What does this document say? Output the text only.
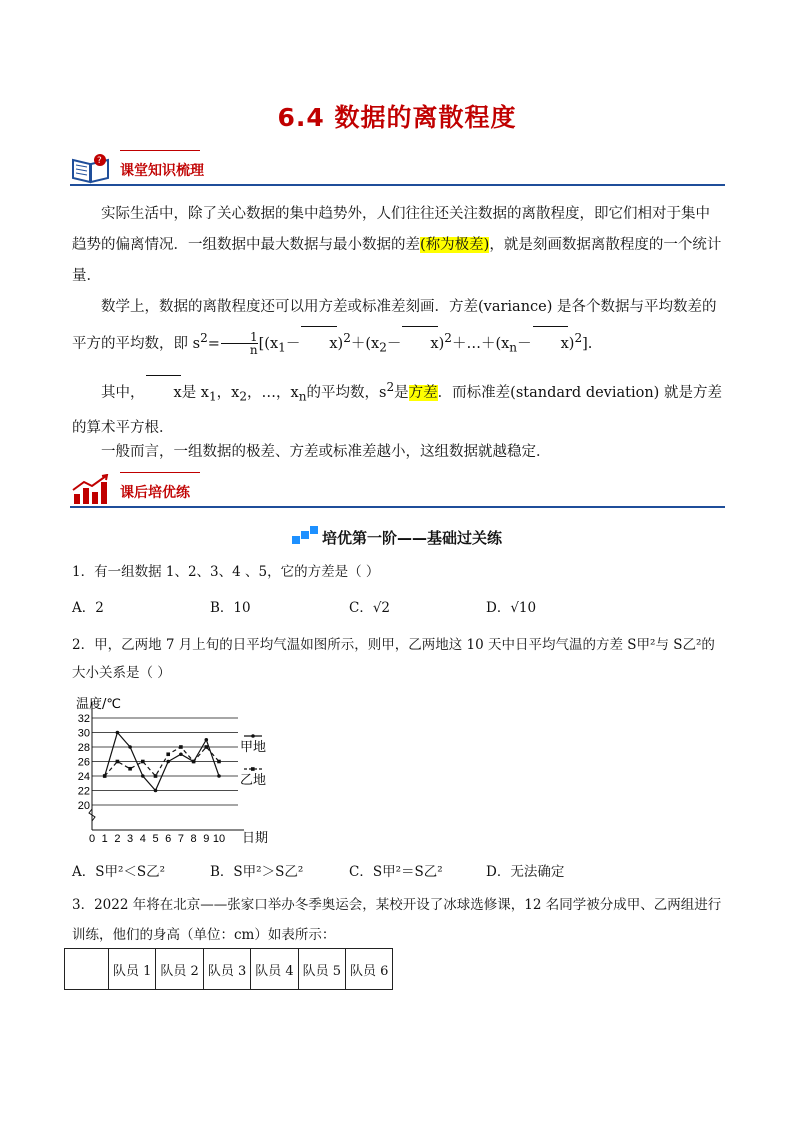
6.4 数据的离散程度
?
课堂知识梳理
实际生活中，除了关心数据的集中趋势外，人们往往还关注数据的离散程度，即它们相对于集中趋势的偏离情况．一组数据中最大数据与最小数据的差(称为极差)，就是刻画数据离散程度的一个统计量．
数学上，数据的离散程度还可以用方差或标准差刻画．方差(variance) 是各个数据与平均数差的平方的平均数，即 $s^2= \frac{1}{n} [(x_1- x)^2+(x_2-$ $x)^2+\dots+(x_n- x)^2$].
其中， x是 $x_1$，$x_2$，…，$x_n$的平均数，$s^2$是方差．而标准差(standard deviation) 就是方差的算术平方根．
一般而言，一组数据的极差、方差或标准差越小，这组数据就越稳定．
课后培优练
培优第一阶——基础过关练
1．有一组数据 1、2、3、4 、5，它的方差是（ ）
A．2	B．10	C．√2	D．√10
2．甲，乙两地 7 月上旬的日平均气温如图所示，则甲，乙两地这 10 天中日平均气温的方差 S甲²与 S乙²的大小关系是（ ）
20
22
24
26
28
30
32
0 1 2 3 4 5 6 7 8 9 10
温度/℃
日期
甲地
乙地
A．S甲²＜S乙²	B．S甲²＞S乙²	C．S甲²＝S乙²	D．无法确定
3．2022 年将在北京——张家口举办冬季奥运会，某校开设了冰球选修课，12 名同学被分成甲、乙两组进行训练，他们的身高（单位：cm）如表所示：
	队员 1	队员 2	队员 3	队员 4	队员 5	队员 6
